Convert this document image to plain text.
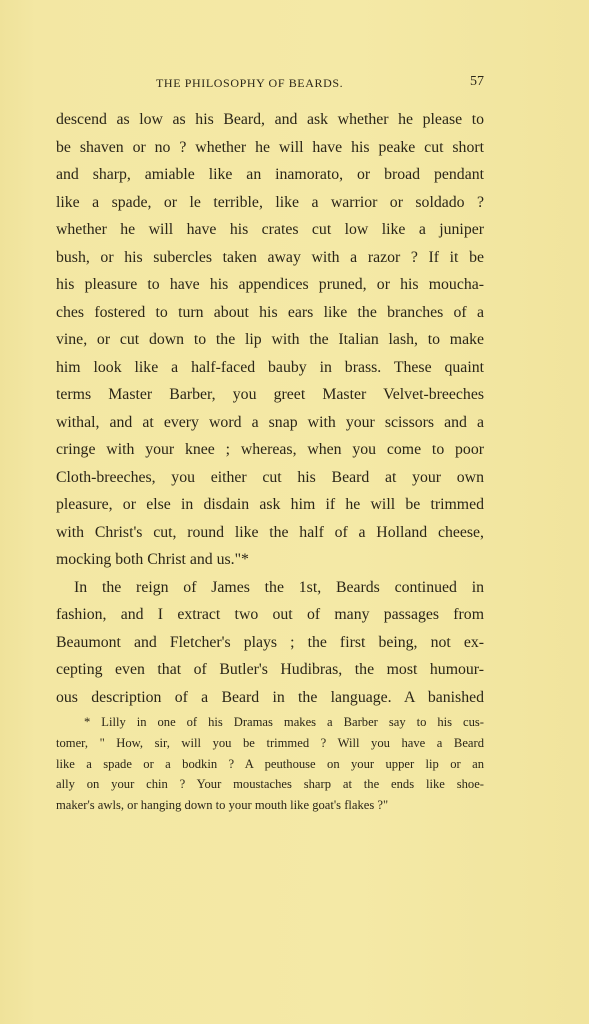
THE PHILOSOPHY OF BEARDS.	57
descend as low as his Beard, and ask whether he please to
be shaven or no ? whether he will have his peake cut short
and sharp, amiable like an inamorato, or broad pendant
like a spade, or le terrible, like a warrior or soldado ?
whether he will have his crates cut low like a juniper
bush, or his subercles taken away with a razor ? If it be
his pleasure to have his appendices pruned, or his moucha-
ches fostered to turn about his ears like the branches of a
vine, or cut down to the lip with the Italian lash, to make
him look like a half-faced bauby in brass. These quaint
terms Master Barber, you greet Master Velvet-breeches
withal, and at every word a snap with your scissors and a
cringe with your knee ; whereas, when you come to poor
Cloth-breeches, you either cut his Beard at your own
pleasure, or else in disdain ask him if he will be trimmed
with Christ's cut, round like the half of a Holland cheese,
mocking both Christ and us."*
In the reign of James the 1st, Beards continued in
fashion, and I extract two out of many passages from
Beaumont and Fletcher's plays ; the first being, not ex-
cepting even that of Butler's Hudibras, the most humour-
ous description of a Beard in the language. A banished
* Lilly in one of his Dramas makes a Barber say to his cus-
tomer, " How, sir, will you be trimmed ? Will you have a Beard
like a spade or a bodkin ? A peuthouse on your upper lip or an
ally on your chin ? Your moustaches sharp at the ends like shoe-
maker's awls, or hanging down to your mouth like goat's flakes ?"
